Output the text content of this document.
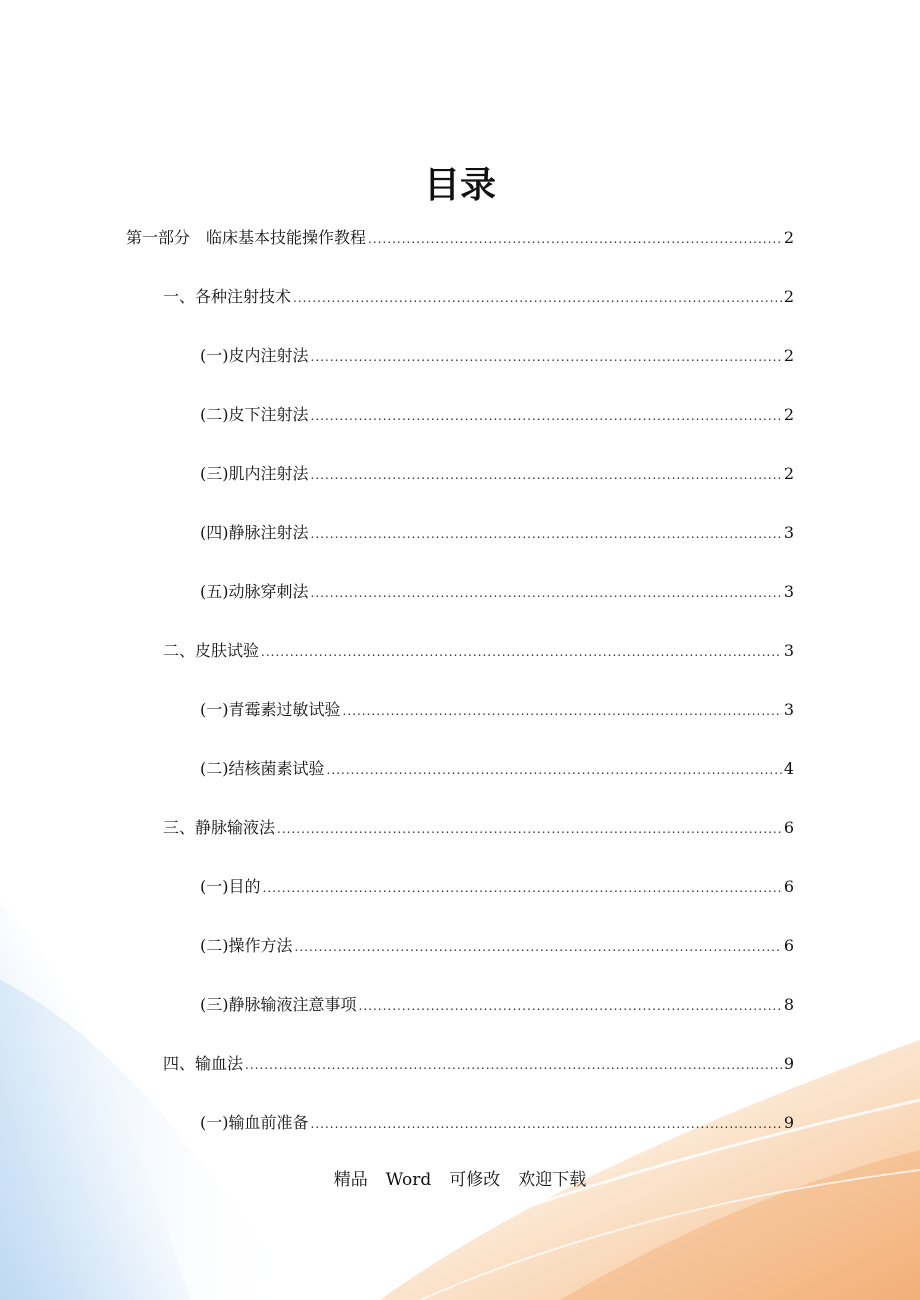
目录
第一部分　临床基本技能操作教程 .....	2
一、各种注射技术 .....	2
(一)皮内注射法 .....	2
(二)皮下注射法 .....	2
(三)肌内注射法 .....	2
(四)静脉注射法 .....	3
(五)动脉穿刺法 .....	3
二、皮肤试验 .....	3
(一)青霉素过敏试验 .....	3
(二)结核菌素试验 .....	4
三、静脉输液法 .....	6
(一)目的 .....	6
(二)操作方法 .....	6
(三)静脉输液注意事项 .....	8
四、输血法 .....	9
(一)输血前准备 .....	9
精品 Word 可修改 欢迎下载
